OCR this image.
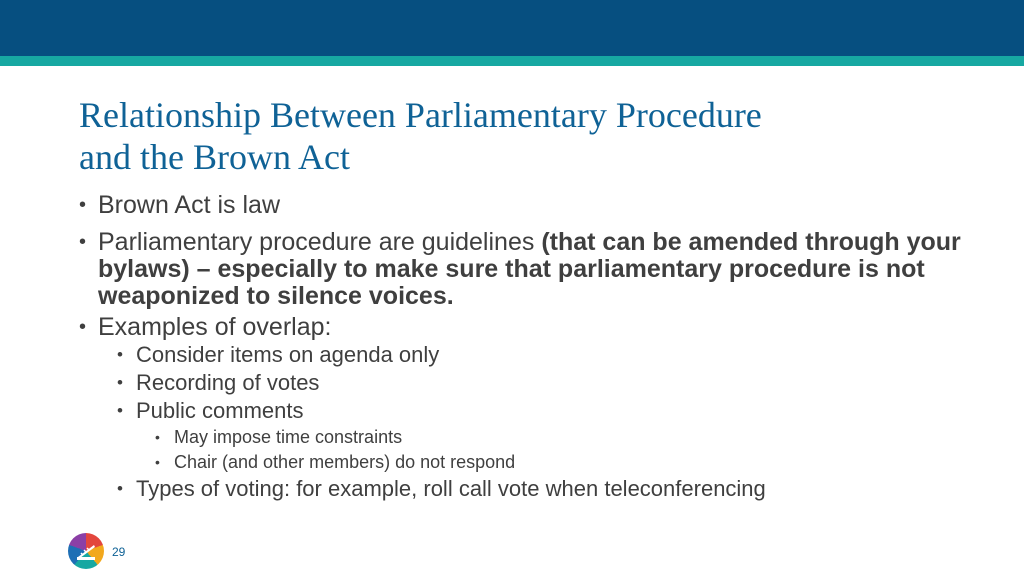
Relationship Between Parliamentary Procedure
and the Brown Act
• Brown Act is law
• Parliamentary procedure are guidelines (that can be amended through your bylaws) – especially to make sure that parliamentary procedure is not weaponized to silence voices.
• Examples of overlap:
• Consider items on agenda only
• Recording of votes
• Public comments
• May impose time constraints
• Chair (and other members) do not respond
• Types of voting: for example, roll call vote when teleconferencing
29
